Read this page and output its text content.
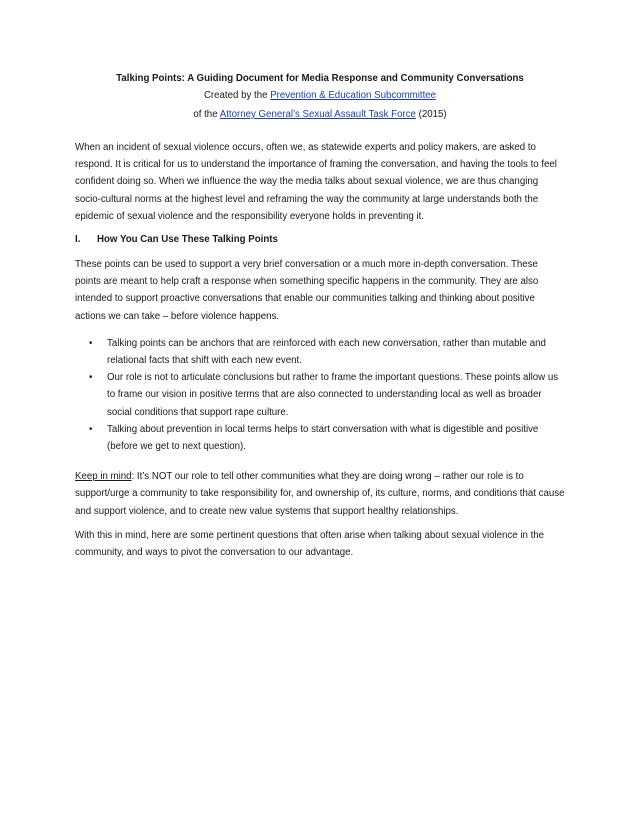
Talking Points: A Guiding Document for Media Response and Community Conversations
Created by the Prevention & Education Subcommittee
of the Attorney General’s Sexual Assault Task Force (2015)

When an incident of sexual violence occurs, often we, as statewide experts and policy makers, are asked to respond. It is critical for us to understand the importance of framing the conversation, and having the tools to feel confident doing so. When we influence the way the media talks about sexual violence, we are thus changing socio-cultural norms at the highest level and reframing the way the community at large understands both the epidemic of sexual violence and the responsibility everyone holds in preventing it.

I.	How You Can Use These Talking Points

These points can be used to support a very brief conversation or a much more in-depth conversation. These points are meant to help craft a response when something specific happens in the community. They are also intended to support proactive conversations that enable our communities talking and thinking about positive actions we can take – before violence happens.

•	Talking points can be anchors that are reinforced with each new conversation, rather than mutable and relational facts that shift with each new event.
•	Our role is not to articulate conclusions but rather to frame the important questions. These points allow us to frame our vision in positive terms that are also connected to understanding local as well as broader social conditions that support rape culture.
•	Talking about prevention in local terms helps to start conversation with what is digestible and positive (before we get to next question).

Keep in mind: It’s NOT our role to tell other communities what they are doing wrong – rather our role is to support/urge a community to take responsibility for, and ownership of, its culture, norms, and conditions that cause and support violence, and to create new value systems that support healthy relationships.

With this in mind, here are some pertinent questions that often arise when talking about sexual violence in the community, and ways to pivot the conversation to our advantage.
